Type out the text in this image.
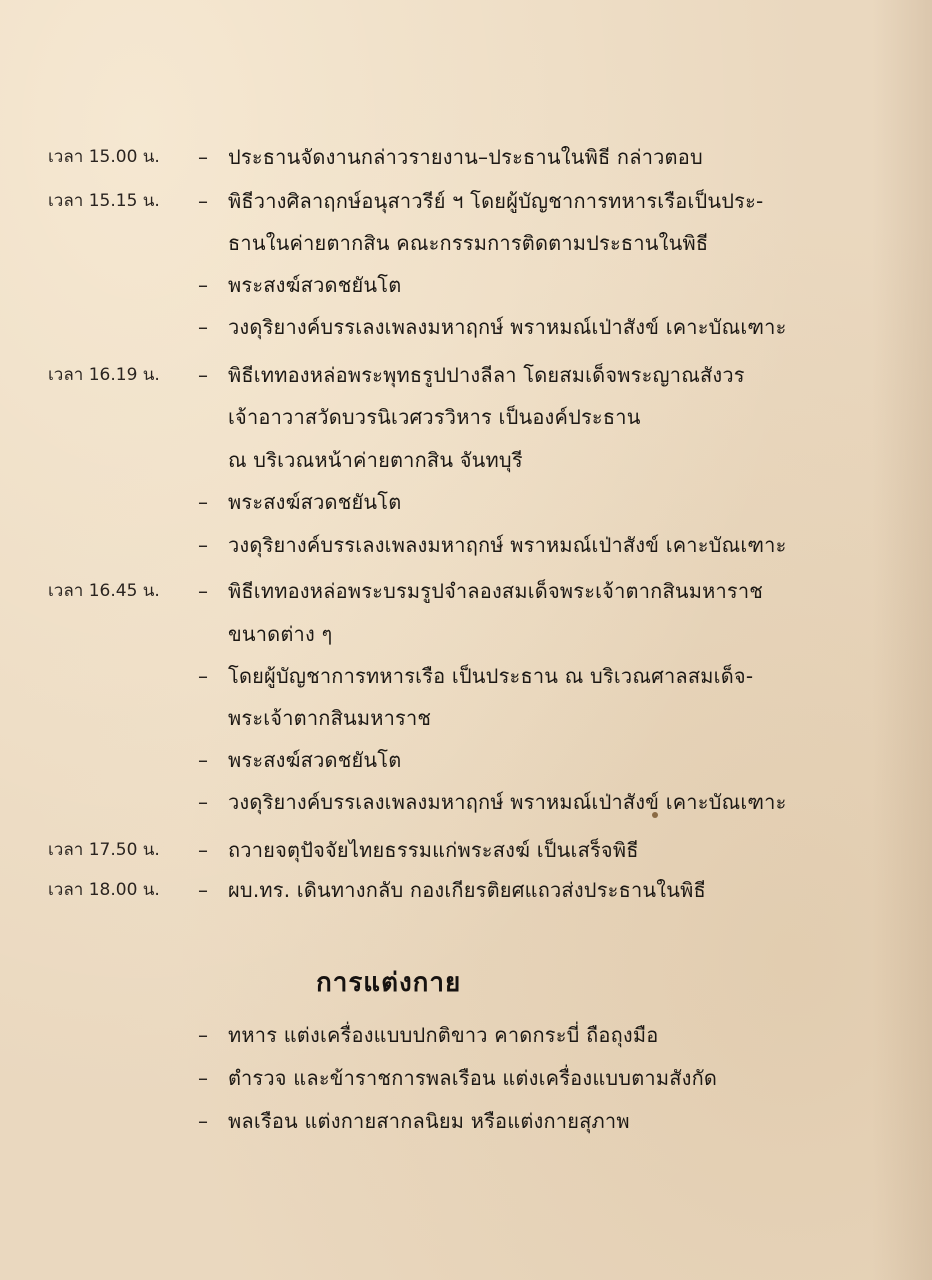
เวลา 15.00 น.	–	ประธานจัดงานกล่าวรายงาน–ประธานในพิธี กล่าวตอบ
เวลา 15.15 น.	–	พิธีวางศิลาฤกษ์อนุสาวรีย์ ฯ โดยผู้บัญชาการทหารเรือเป็นประ-
ธานในค่ายตากสิน คณะกรรมการติดตามประธานในพิธี
–	พระสงฆ์สวดชยันโต
–	วงดุริยางค์บรรเลงเพลงมหาฤกษ์ พราหมณ์เป่าสังข์ เคาะบัณเฑาะ
เวลา 16.19 น.	–	พิธีเททองหล่อพระพุทธรูปปางลีลา โดยสมเด็จพระญาณสังวร
เจ้าอาวาสวัดบวรนิเวศวรวิหาร เป็นองค์ประธาน
ณ บริเวณหน้าค่ายตากสิน จันทบุรี
–	พระสงฆ์สวดชยันโต
–	วงดุริยางค์บรรเลงเพลงมหาฤกษ์ พราหมณ์เป่าสังข์ เคาะบัณเฑาะ
เวลา 16.45 น.	–	พิธีเททองหล่อพระบรมรูปจำลองสมเด็จพระเจ้าตากสินมหาราช
ขนาดต่าง ๆ
–	โดยผู้บัญชาการทหารเรือ เป็นประธาน ณ บริเวณศาลสมเด็จ-
พระเจ้าตากสินมหาราช
–	พระสงฆ์สวดชยันโต
–	วงดุริยางค์บรรเลงเพลงมหาฤกษ์ พราหมณ์เป่าสังข์ เคาะบัณเฑาะ
เวลา 17.50 น.	–	ถวายจตุปัจจัยไทยธรรมแก่พระสงฆ์ เป็นเสร็จพิธี
เวลา 18.00 น.	–	ผบ.ทร. เดินทางกลับ กองเกียรติยศแถวส่งประธานในพิธี
การแต่งกาย
–	ทหาร แต่งเครื่องแบบปกติขาว คาดกระบี่ ถือถุงมือ
–	ตำรวจ และข้าราชการพลเรือน แต่งเครื่องแบบตามสังกัด
–	พลเรือน แต่งกายสากลนิยม หรือแต่งกายสุภาพ
